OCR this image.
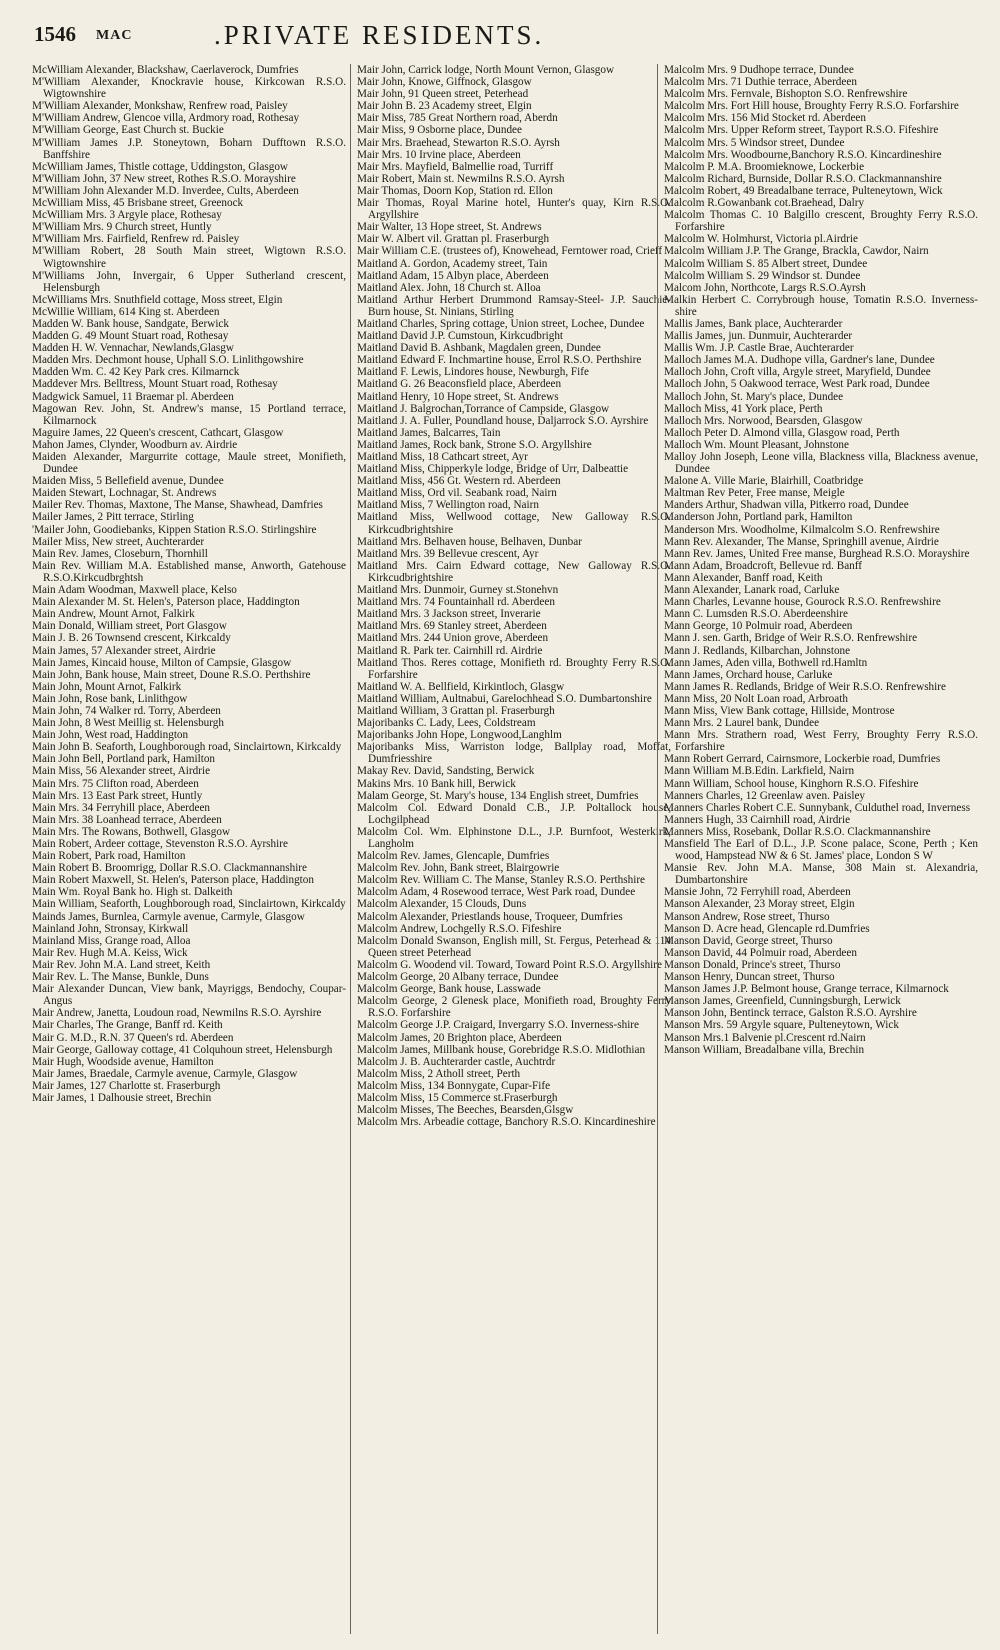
1546 MAC	.PRIVATE RESIDENTS.

McWilliam Alexander, Blackshaw, Caerlaverock, Dumfries

M'William Alexander, Knockravie house, Kirkcowan R.S.O. Wigtownshire

M'William Alexander, Monkshaw, Renfrew road, Paisley

M'William Andrew, Glencoe villa, Ardmory road, Rothesay

M'William George, East Church st. Buckie

M'William James J.P. Stoneytown, Boharn Dufftown R.S.O. Banffshire

McWilliam James, Thistle cottage, Uddingston, Glasgow

M'William John, 37 New street, Rothes R.S.O. Morayshire

M'William John Alexander M.D. Inverdee, Cults, Aberdeen

McWilliam Miss, 45 Brisbane street, Greenock

McWilliam Mrs. 3 Argyle place, Rothesay

M'William Mrs. 9 Church street, Huntly

M'William Mrs. Fairfield, Renfrew rd. Paisley

M'William Robert, 28 South Main street, Wigtown R.S.O. Wigtownshire

M'Williams John, Invergair, 6 Upper Sutherland crescent, Helensburgh

McWilliams Mrs. Snuthfield cottage, Moss street, Elgin

McWillie William, 614 King st. Aberdeen

Madden W. Bank house, Sandgate, Berwick

Madden G. 49 Mount Stuart road, Rothesay

Madden H. W. Vennachar, Newlands,Glasgw

Madden Mrs. Dechmont house, Uphall S.O. Linlithgowshire

Madden Wm. C. 42 Key Park cres. Kilmarnck

Maddever Mrs. Belltress, Mount Stuart road, Rothesay

Madgwick Samuel, 11 Braemar pl. Aberdeen

Magowan Rev. John, St. Andrew's manse, 15 Portland terrace, Kilmarnock

Maguire James, 22 Queen's crescent, Cathcart, Glasgow

Mahon James, Clynder, Woodburn av. Airdrie

Maiden Alexander, Margurrite cottage, Maule street, Monifieth, Dundee

Maiden Miss, 5 Bellefield avenue, Dundee

Maiden Stewart, Lochnagar, St. Andrews

Mailer Rev. Thomas, Maxtone, The Manse, Shawhead, Damfries

Mailer James, 2 Pitt terrace, Stirling

'Mailer John, Goodiebanks, Kippen Station R.S.O. Stirlingshire

Mailer Miss, New street, Auchterarder

Main Rev. James, Closeburn, Thornhill

Main Rev. William M.A. Established manse, Anworth, Gatehouse R.S.O.Kirkcudbrghtsh

Main Adam Woodman, Maxwell place, Kelso

Main Alexander M. St. Helen's, Paterson place, Haddington

Main Andrew, Mount Arnot, Falkirk

Main Donald, William street, Port Glasgow

Main J. B. 26 Townsend crescent, Kirkcaldy

Main James, 57 Alexander street, Airdrie

Main James, Kincaid house, Milton of Campsie, Glasgow

Main John, Bank house, Main street, Doune R.S.O. Perthshire

Main John, Mount Arnot, Falkirk

Main John, Rose bank, Linlithgow

Main John, 74 Walker rd. Torry, Aberdeen

Main John, 8 West Meillig st. Helensburgh

Main John, West road, Haddington

Main John B. Seaforth, Loughborough road, Sinclairtown, Kirkcaldy

Main John Bell, Portland park, Hamilton

Main Miss, 56 Alexander street, Airdrie

Main Mrs. 75 Clifton road, Aberdeen

Main Mrs. 13 East Park street, Huntly

Main Mrs. 34 Ferryhill place, Aberdeen

Main Mrs. 38 Loanhead terrace, Aberdeen

Main Mrs. The Rowans, Bothwell, Glasgow

Main Robert, Ardeer cottage, Stevenston R.S.O. Ayrshire

Main Robert, Park road, Hamilton

Main Robert B. Broomrigg, Dollar R.S.O. Clackmannanshire

Main Robert Maxwell, St. Helen's, Paterson place, Haddington

Main Wm. Royal Bank ho. High st. Dalkeith

Main William, Seaforth, Loughborough road, Sinclairtown, Kirkcaldy

Mainds James, Burnlea, Carmyle avenue, Carmyle, Glasgow

Mainland John, Stronsay, Kirkwall

Mainland Miss, Grange road, Alloa

Mair Rev. Hugh M.A. Keiss, Wick

Mair Rev. John M.A. Land street, Keith

Mair Rev. L. The Manse, Bunkle, Duns

Mair Alexander Duncan, View bank, Mayriggs, Bendochy, Coupar-Angus

Mair Andrew, Janetta, Loudoun road, Newmilns R.S.O. Ayrshire

Mair Charles, The Grange, Banff rd. Keith

Mair G. M.D., R.N. 37 Queen's rd. Aberdeen

Mair George, Galloway cottage, 41 Colquhoun street, Helensburgh

Mair Hugh, Woodside avenue, Hamilton

Mair James, Braedale, Carmyle avenue, Carmyle, Glasgow

Mair James, 127 Charlotte st. Fraserburgh

Mair James, 1 Dalhousie street, Brechin

Mair John, Carrick lodge, North Mount Vernon, Glasgow

Mair John, Knowe, Giffnock, Glasgow

Mair John, 91 Queen street, Peterhead

Mair John B. 23 Academy street, Elgin

Mair Miss, 785 Great Northern road, Aberdn

Mair Miss, 9 Osborne place, Dundee

Mair Mrs. Braehead, Stewarton R.S.O. Ayrsh

Mair Mrs. 10 Irvine place, Aberdeen

Mair Mrs. Mayfield, Balmellie road, Turriff

Mair Robert, Main st. Newmilns R.S.O. Ayrsh

Mair Thomas, Doorn Kop, Station rd. Ellon

Mair Thomas, Royal Marine hotel, Hunter's quay, Kirn R.S.O. Argyllshire

Mair Walter, 13 Hope street, St. Andrews

Mair W. Albert vil. Grattan pl. Fraserburgh

Mair William C.E. (trustees of), Knowehead, Ferntower road, Crieff

Maitland A. Gordon, Academy street, Tain

Maitland Adam, 15 Albyn place, Aberdeen

Maitland Alex. John, 18 Church st. Alloa

Maitland Arthur Herbert Drummond Ramsay-Steel- J.P. Sauchie-Burn house, St. Ninians, Stirling

Maitland Charles, Spring cottage, Union street, Lochee, Dundee

Maitland David J.P. Cumstoun, Kirkcudbright

Maitland David B. Ashbank, Magdalen green, Dundee

Maitland Edward F. Inchmartine house, Errol R.S.O. Perthshire

Maitland F. Lewis, Lindores house, Newburgh, Fife

Maitland G. 26 Beaconsfield place, Aberdeen

Maitland Henry, 10 Hope street, St. Andrews

Maitland J. Balgrochan,Torrance of Campside, Glasgow

Maitland J. A. Fuller, Poundland house, Daljarrock S.O. Ayrshire

Maitland James, Balcarres, Tain

Maitland James, Rock bank, Strone S.O. Argyllshire

Maitland Miss, 18 Cathcart street, Ayr

Maitland Miss, Chipperkyle lodge, Bridge of Urr, Dalbeattie

Maitland Miss, 456 Gt. Western rd. Aberdeen

Maitland Miss, Ord vil. Seabank road, Nairn

Maitland Miss, 7 Wellington road, Nairn

Maitland Miss, Wellwood cottage, New Galloway R.S.O. Kirkcudbrightshire

Maitland Mrs. Belhaven house, Belhaven, Dunbar

Maitland Mrs. 39 Bellevue crescent, Ayr

Maitland Mrs. Cairn Edward cottage, New Galloway R.S.O. Kirkcudbrightshire

Maitland Mrs. Dunmoir, Gurney st.Stonehvn

Maitland Mrs. 74 Fountainhall rd. Aberdeen

Maitland Mrs. 3 Jackson street, Inverarie

Maitland Mrs. 69 Stanley street, Aberdeen

Maitland Mrs. 244 Union grove, Aberdeen

Maitland R. Park ter. Cairnhill rd. Airdrie

Maitland Thos. Reres cottage, Monifieth rd. Broughty Ferry R.S.O. Forfarshire

Maitland W. A. Bellfield, Kirkintloch, Glasgw

Maitland William, Aultnabui, Garelochhead S.O. Dumbartonshire

Maitland William, 3 Grattan pl. Fraserburgh

Majoribanks C. Lady, Lees, Coldstream

Majoribanks John Hope, Longwood,Langhlm

Majoribanks Miss, Warriston lodge, Ballplay road, Moffat, Dumfriesshire

Makay Rev. David, Sandsting, Berwick

Makins Mrs. 10 Bank hill, Berwick

Malam George, St. Mary's house, 134 English street, Dumfries

Malcolm Col. Edward Donald C.B., J.P. Poltallock house, Lochgilphead

Malcolm Col. Wm. Elphinstone D.L., J.P. Burnfoot, Westerkirk, Langholm

Malcolm Rev. James, Glencaple, Dumfries

Malcolm Rev. John, Bank street, Blairgowrie

Malcolm Rev. William C. The Manse, Stanley R.S.O. Perthshire

Malcolm Adam, 4 Rosewood terrace, West Park road, Dundee

Malcolm Alexander, 15 Clouds, Duns

Malcolm Alexander, Priestlands house, Troqueer, Dumfries

Malcolm Andrew, Lochgelly R.S.O. Fifeshire

Malcolm Donald Swanson, English mill, St. Fergus, Peterhead & 114 Queen street Peterhead

Malcolm G. Woodend vil. Toward, Toward Point R.S.O. Argyllshire

Malcolm George, 20 Albany terrace, Dundee

Malcolm George, Bank house, Lasswade

Malcolm George, 2 Glenesk place, Monifieth road, Broughty Ferry R.S.O. Forfarshire

Malcolm George J.P. Craigard, Invergarry S.O. Inverness-shire

Malcolm James, 20 Brighton place, Aberdeen

Malcolm James, Millbank house, Gorebridge R.S.O. Midlothian

Malcolm J. B. Auchterarder castle, Auchtrdr

Malcolm Miss, 2 Atholl street, Perth

Malcolm Miss, 134 Bonnygate, Cupar-Fife

Malcolm Miss, 15 Commerce st.Fraserburgh

Malcolm Misses, The Beeches, Bearsden,Glsgw

Malcolm Mrs. Arbeadie cottage, Banchory R.S.O. Kincardineshire

Malcolm Mrs. 9 Dudhope terrace, Dundee

Malcolm Mrs. 71 Duthie terrace, Aberdeen

Malcolm Mrs. Fernvale, Bishopton S.O. Renfrewshire

Malcolm Mrs. Fort Hill house, Broughty Ferry R.S.O. Forfarshire

Malcolm Mrs. 156 Mid Stocket rd. Aberdeen

Malcolm Mrs. Upper Reform street, Tayport R.S.O. Fifeshire

Malcolm Mrs. 5 Windsor street, Dundee

Malcolm Mrs. Woodbourne,Banchory R.S.O. Kincardineshire

Malcolm P. M.A. Broomieknowe, Lockerbie

Malcolm Richard, Burnside, Dollar R.S.O. Clackmannanshire

Malcolm Robert, 49 Breadalbane terrace, Pulteneytown, Wick

Malcolm R.Gowanbank cot.Braehead, Dalry

Malcolm Thomas C. 10 Balgillo crescent, Broughty Ferry R.S.O. Forfarshire

Malcolm W. Holmhurst, Victoria pl.Airdrie

Malcolm William J.P. The Grange, Brackla, Cawdor, Nairn

Malcolm William S. 85 Albert street, Dundee

Malcolm William S. 29 Windsor st. Dundee

Malcom John, Northcote, Largs R.S.O.Ayrsh

Malkin Herbert C. Corrybrough house, Tomatin R.S.O. Inverness-shire

Mallis James, Bank place, Auchterarder

Mallis James, jun. Dunmuir, Auchterarder

Mallis Wm. J.P. Castle Brae, Auchterarder

Malloch James M.A. Dudhope villa, Gardner's lane, Dundee

Malloch John, Croft villa, Argyle street, Maryfield, Dundee

Malloch John, 5 Oakwood terrace, West Park road, Dundee

Malloch John, St. Mary's place, Dundee

Malloch Miss, 41 York place, Perth

Malloch Mrs. Norwood, Bearsden, Glasgow

Malloch Peter D. Almond villa, Glasgow road, Perth

Malloch Wm. Mount Pleasant, Johnstone

Malloy John Joseph, Leone villa, Blackness villa, Blackness avenue, Dundee

Malone A. Ville Marie, Blairhill, Coatbridge

Maltman Rev Peter, Free manse, Meigle

Manders Arthur, Shadwan villa, Pitkerro road, Dundee

Manderson John, Portland park, Hamilton

Manderson Mrs. Woodholme, Kilmalcolm S.O. Renfrewshire

Mann Rev. Alexander, The Manse, Springhill avenue, Airdrie

Mann Rev. James, United Free manse, Burghead R.S.O. Morayshire

Mann Adam, Broadcroft, Bellevue rd. Banff

Mann Alexander, Banff road, Keith

Mann Alexander, Lanark road, Carluke

Mann Charles, Levanne house, Gourock R.S.O. Renfrewshire

Mann C. Lumsden R.S.O. Aberdeenshire

Mann George, 10 Polmuir road, Aberdeen

Mann J. sen. Garth, Bridge of Weir R.S.O. Renfrewshire

Mann J. Redlands, Kilbarchan, Johnstone

Mann James, Aden villa, Bothwell rd.Hamltn

Mann James, Orchard house, Carluke

Mann James R. Redlands, Bridge of Weir R.S.O. Renfrewshire

Mann Miss, 20 Nolt Loan road, Arbroath

Mann Miss, View Bank cottage, Hillside, Montrose

Mann Mrs. 2 Laurel bank, Dundee

Mann Mrs. Strathern road, West Ferry, Broughty Ferry R.S.O. Forfarshire

Mann Robert Gerrard, Cairnsmore, Lockerbie road, Dumfries

Mann William M.B.Edin. Larkfield, Nairn

Mann William, School house, Kinghorn R.S.O. Fifeshire

Manners Charles, 12 Greenlaw aven. Paisley

Manners Charles Robert C.E. Sunnybank, Culduthel road, Inverness

Manners Hugh, 33 Cairnhill road, Airdrie

Manners Miss, Rosebank, Dollar R.S.O. Clackmannanshire

Mansfield The Earl of D.L., J.P. Scone palace, Scone, Perth ; Ken wood, Hampstead NW & 6 St. James' place, London S W

Mansie Rev. John M.A. Manse, 308 Main st. Alexandria, Dumbartonshire

Mansie John, 72 Ferryhill road, Aberdeen

Manson Alexander, 23 Moray street, Elgin

Manson Andrew, Rose street, Thurso

Manson D. Acre head, Glencaple rd.Dumfries

Manson David, George street, Thurso

Manson David, 44 Polmuir road, Aberdeen

Manson Donald, Prince's street, Thurso

Manson Henry, Duncan street, Thurso

Manson James J.P. Belmont house, Grange terrace, Kilmarnock

Manson James, Greenfield, Cunningsburgh, Lerwick

Manson John, Bentinck terrace, Galston R.S.O. Ayrshire

Manson Mrs. 59 Argyle square, Pulteneytown, Wick

Manson Mrs.1 Balvenie pl.Crescent rd.Nairn

Manson William, Breadalbane villa, Brechin
